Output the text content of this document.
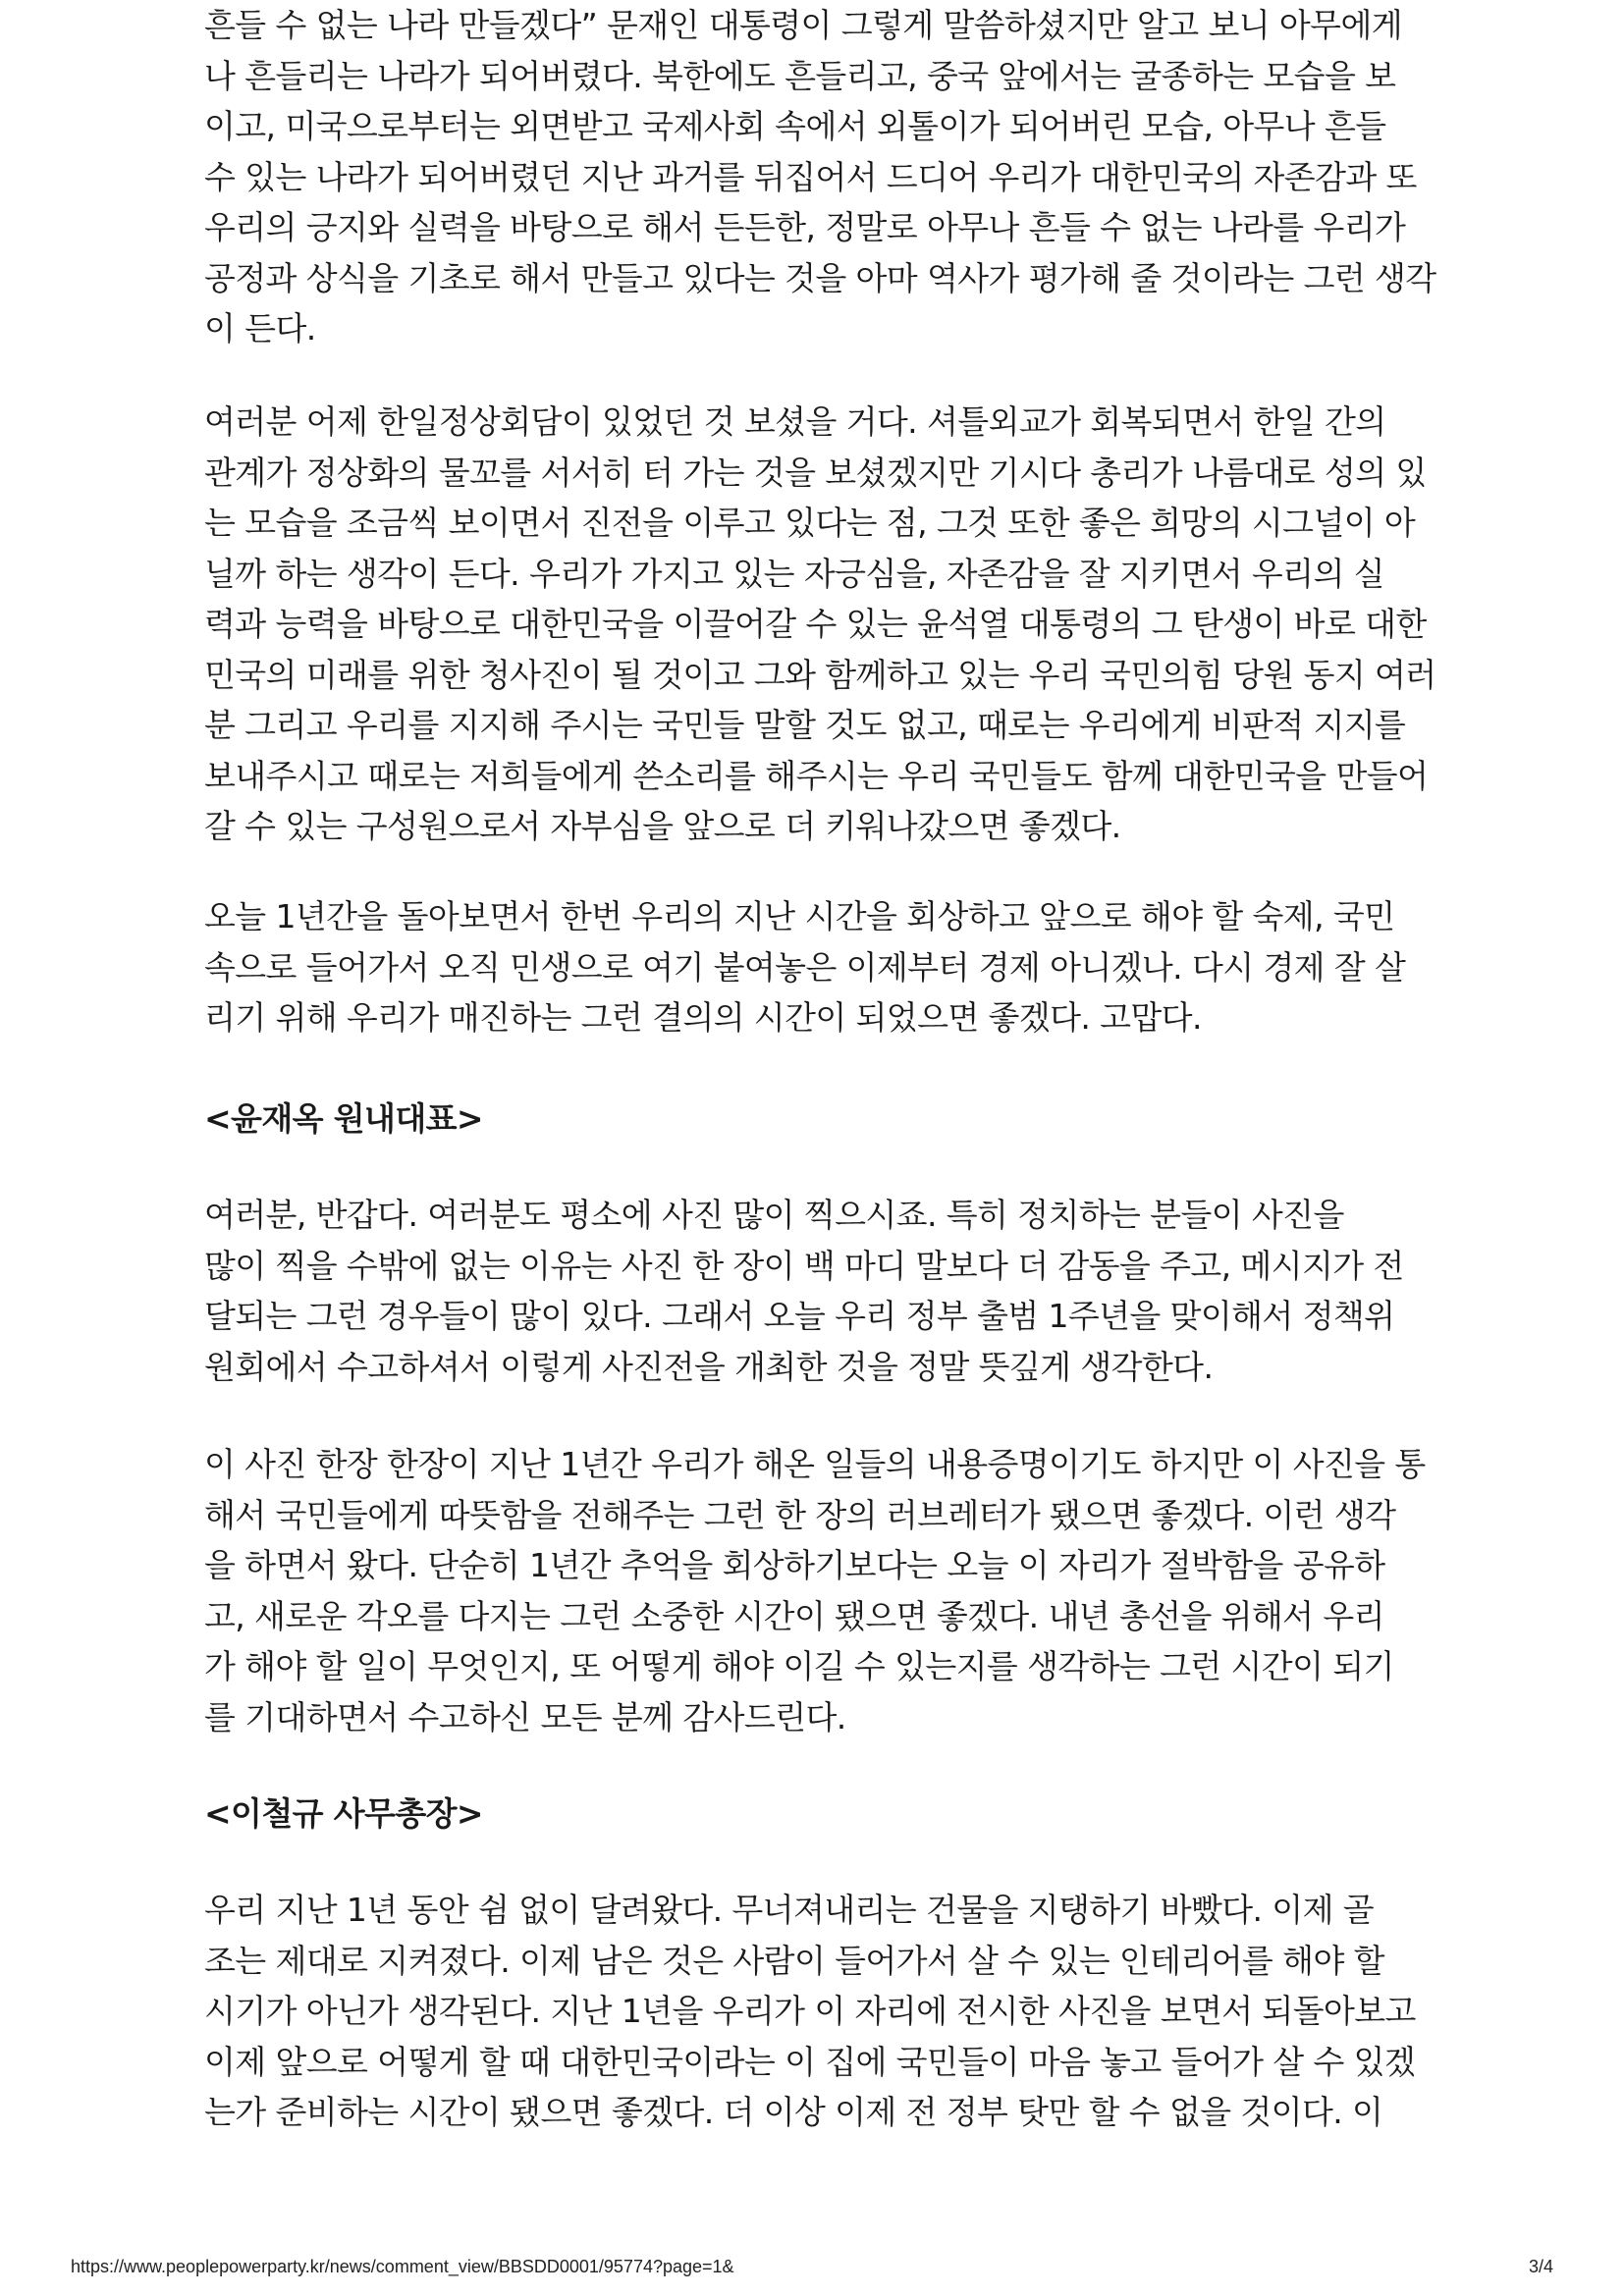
흔들 수 없는 나라 만들겠다” 문재인 대통령이 그렇게 말씀하셨지만 알고 보니 아무에게
나 흔들리는 나라가 되어버렸다. 북한에도 흔들리고, 중국 앞에서는 굴종하는 모습을 보
이고, 미국으로부터는 외면받고 국제사회 속에서 외톨이가 되어버린 모습, 아무나 흔들
수 있는 나라가 되어버렸던 지난 과거를 뒤집어서 드디어 우리가 대한민국의 자존감과 또
우리의 긍지와 실력을 바탕으로 해서 든든한, 정말로 아무나 흔들 수 없는 나라를 우리가
공정과 상식을 기초로 해서 만들고 있다는 것을 아마 역사가 평가해 줄 것이라는 그런 생각
이 든다.
여러분 어제 한일정상회담이 있었던 것 보셨을 거다. 셔틀외교가 회복되면서 한일 간의
관계가 정상화의 물꼬를 서서히 터 가는 것을 보셨겠지만 기시다 총리가 나름대로 성의 있
는 모습을 조금씩 보이면서 진전을 이루고 있다는 점, 그것 또한 좋은 희망의 시그널이 아
닐까 하는 생각이 든다. 우리가 가지고 있는 자긍심을, 자존감을 잘 지키면서 우리의 실
력과 능력을 바탕으로 대한민국을 이끌어갈 수 있는 윤석열 대통령의 그 탄생이 바로 대한
민국의 미래를 위한 청사진이 될 것이고 그와 함께하고 있는 우리 국민의힘 당원 동지 여러
분 그리고 우리를 지지해 주시는 국민들 말할 것도 없고, 때로는 우리에게 비판적 지지를
보내주시고 때로는 저희들에게 쓴소리를 해주시는 우리 국민들도 함께 대한민국을 만들어
갈 수 있는 구성원으로서 자부심을 앞으로 더 키워나갔으면 좋겠다.
오늘 1년간을 돌아보면서 한번 우리의 지난 시간을 회상하고 앞으로 해야 할 숙제, 국민
속으로 들어가서 오직 민생으로 여기 붙여놓은 이제부터 경제 아니겠나. 다시 경제 잘 살
리기 위해 우리가 매진하는 그런 결의의 시간이 되었으면 좋겠다. 고맙다.
<윤재옥 원내대표>
여러분, 반갑다. 여러분도 평소에 사진 많이 찍으시죠. 특히 정치하는 분들이 사진을
많이 찍을 수밖에 없는 이유는 사진 한 장이 백 마디 말보다 더 감동을 주고, 메시지가 전
달되는 그런 경우들이 많이 있다. 그래서 오늘 우리 정부 출범 1주년을 맞이해서 정책위
원회에서 수고하셔서 이렇게 사진전을 개최한 것을 정말 뜻깊게 생각한다.
이 사진 한장 한장이 지난 1년간 우리가 해온 일들의 내용증명이기도 하지만 이 사진을 통
해서 국민들에게 따뜻함을 전해주는 그런 한 장의 러브레터가 됐으면 좋겠다. 이런 생각
을 하면서 왔다. 단순히 1년간 추억을 회상하기보다는 오늘 이 자리가 절박함을 공유하
고, 새로운 각오를 다지는 그런 소중한 시간이 됐으면 좋겠다. 내년 총선을 위해서 우리
가 해야 할 일이 무엇인지, 또 어떻게 해야 이길 수 있는지를 생각하는 그런 시간이 되기
를 기대하면서 수고하신 모든 분께 감사드린다.
<이철규 사무총장>
우리 지난 1년 동안 쉼 없이 달려왔다. 무너져내리는 건물을 지탱하기 바빴다. 이제 골
조는 제대로 지켜졌다. 이제 남은 것은 사람이 들어가서 살 수 있는 인테리어를 해야 할
시기가 아닌가 생각된다. 지난 1년을 우리가 이 자리에 전시한 사진을 보면서 되돌아보고
이제 앞으로 어떻게 할 때 대한민국이라는 이 집에 국민들이 마음 놓고 들어가 살 수 있겠
는가 준비하는 시간이 됐으면 좋겠다. 더 이상 이제 전 정부 탓만 할 수 없을 것이다. 이
https://www.peoplepowerparty.kr/news/comment_view/BBSDD0001/95774?page=1&	3/4
